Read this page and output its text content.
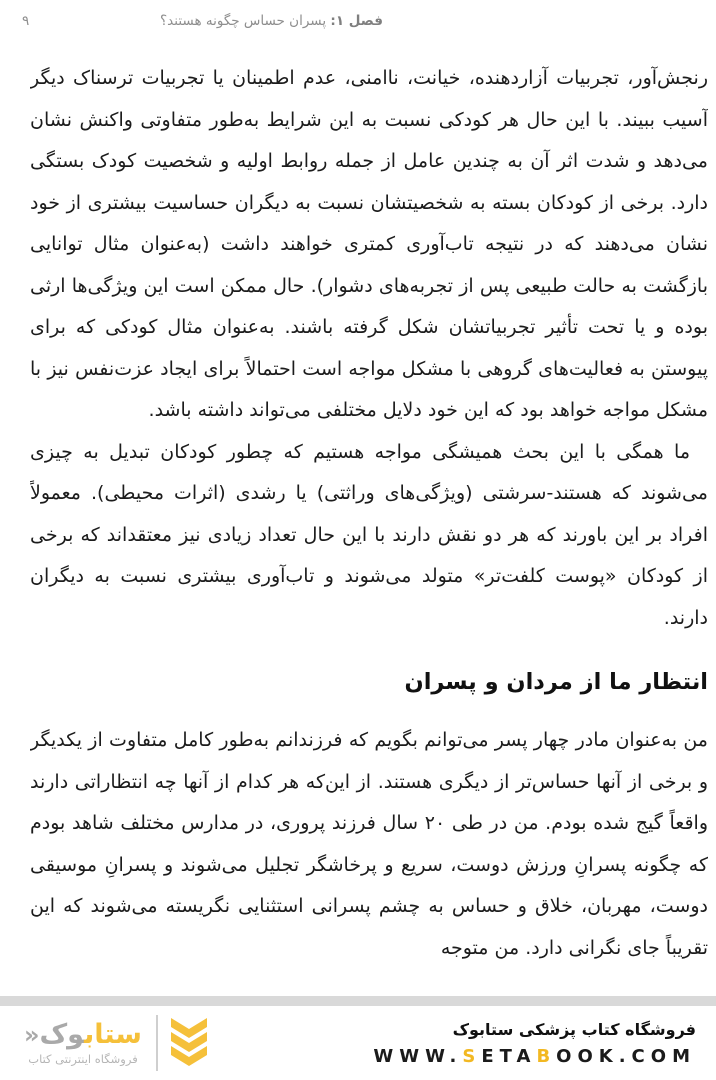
۹	فصل ۱: پسران حساس چگونه هستند؟

رنجش‌آور، تجربیات آزاردهنده، خیانت، ناامنی، عدم اطمینان یا تجربیات ترسناک دیگر آسیب ببیند. با این حال هر کودکی نسبت به این شرایط به‌طور متفاوتی واکنش نشان می‌دهد و شدت اثر آن به چندین عامل از جمله روابط اولیه و شخصیت کودک بستگی دارد. برخی از کودکان بسته به شخصیتشان نسبت به دیگران حساسیت بیشتری از خود نشان می‌دهند که در نتیجه تاب‌آوری کمتری خواهند داشت (به‌عنوان مثال توانایی بازگشت به حالت طبیعی پس از تجربه‌های دشوار). حال ممکن است این ویژگی‌ها ارثی بوده و یا تحت تأثیر تجربیاتشان شکل گرفته باشند. به‌عنوان مثال کودکی که برای پیوستن به فعالیت‌های گروهی با مشکل مواجه است احتمالاً برای ایجاد عزت‌نفس نیز با مشکل مواجه خواهد بود که این خود دلایل مختلفی می‌تواند داشته باشد.

ما همگی با این بحث همیشگی مواجه هستیم که چطور کودکان تبدیل به چیزی می‌شوند که هستند-سرشتی (ویژگی‌های وراثتی) یا رشدی (اثرات محیطی). معمولاً افراد بر این باورند که هر دو نقش دارند با این حال تعداد زیادی نیز معتقداند که برخی از کودکان «پوست کلفت‌تر» متولد می‌شوند و تاب‌آوری بیشتری نسبت به دیگران دارند.

انتظار ما از مردان و پسران

من به‌عنوان مادر چهار پسر می‌توانم بگویم که فرزندانم به‌طور کامل متفاوت از یکدیگر و برخی از آنها حساس‌تر از دیگری هستند. از این‌که هر کدام از آنها چه انتظاراتی دارند واقعاً گیج شده بودم. من در طی ۲۰ سال فرزند پروری، در مدارس مختلف شاهد بودم که چگونه پسرانِ ورزش دوست، سریع و پرخاشگر تجلیل می‌شوند و پسرانِ موسیقی دوست، مهربان، خلاق و حساس به چشم پسرانی استثنایی نگریسته می‌شوند که این تقریباً جای نگرانی دارد. من متوجه

ستابوک«
فروشگاه اینترنتی کتاب
فروشگاه کتاب پزشکی ستابوک
WWW.SETABOOK.COM
